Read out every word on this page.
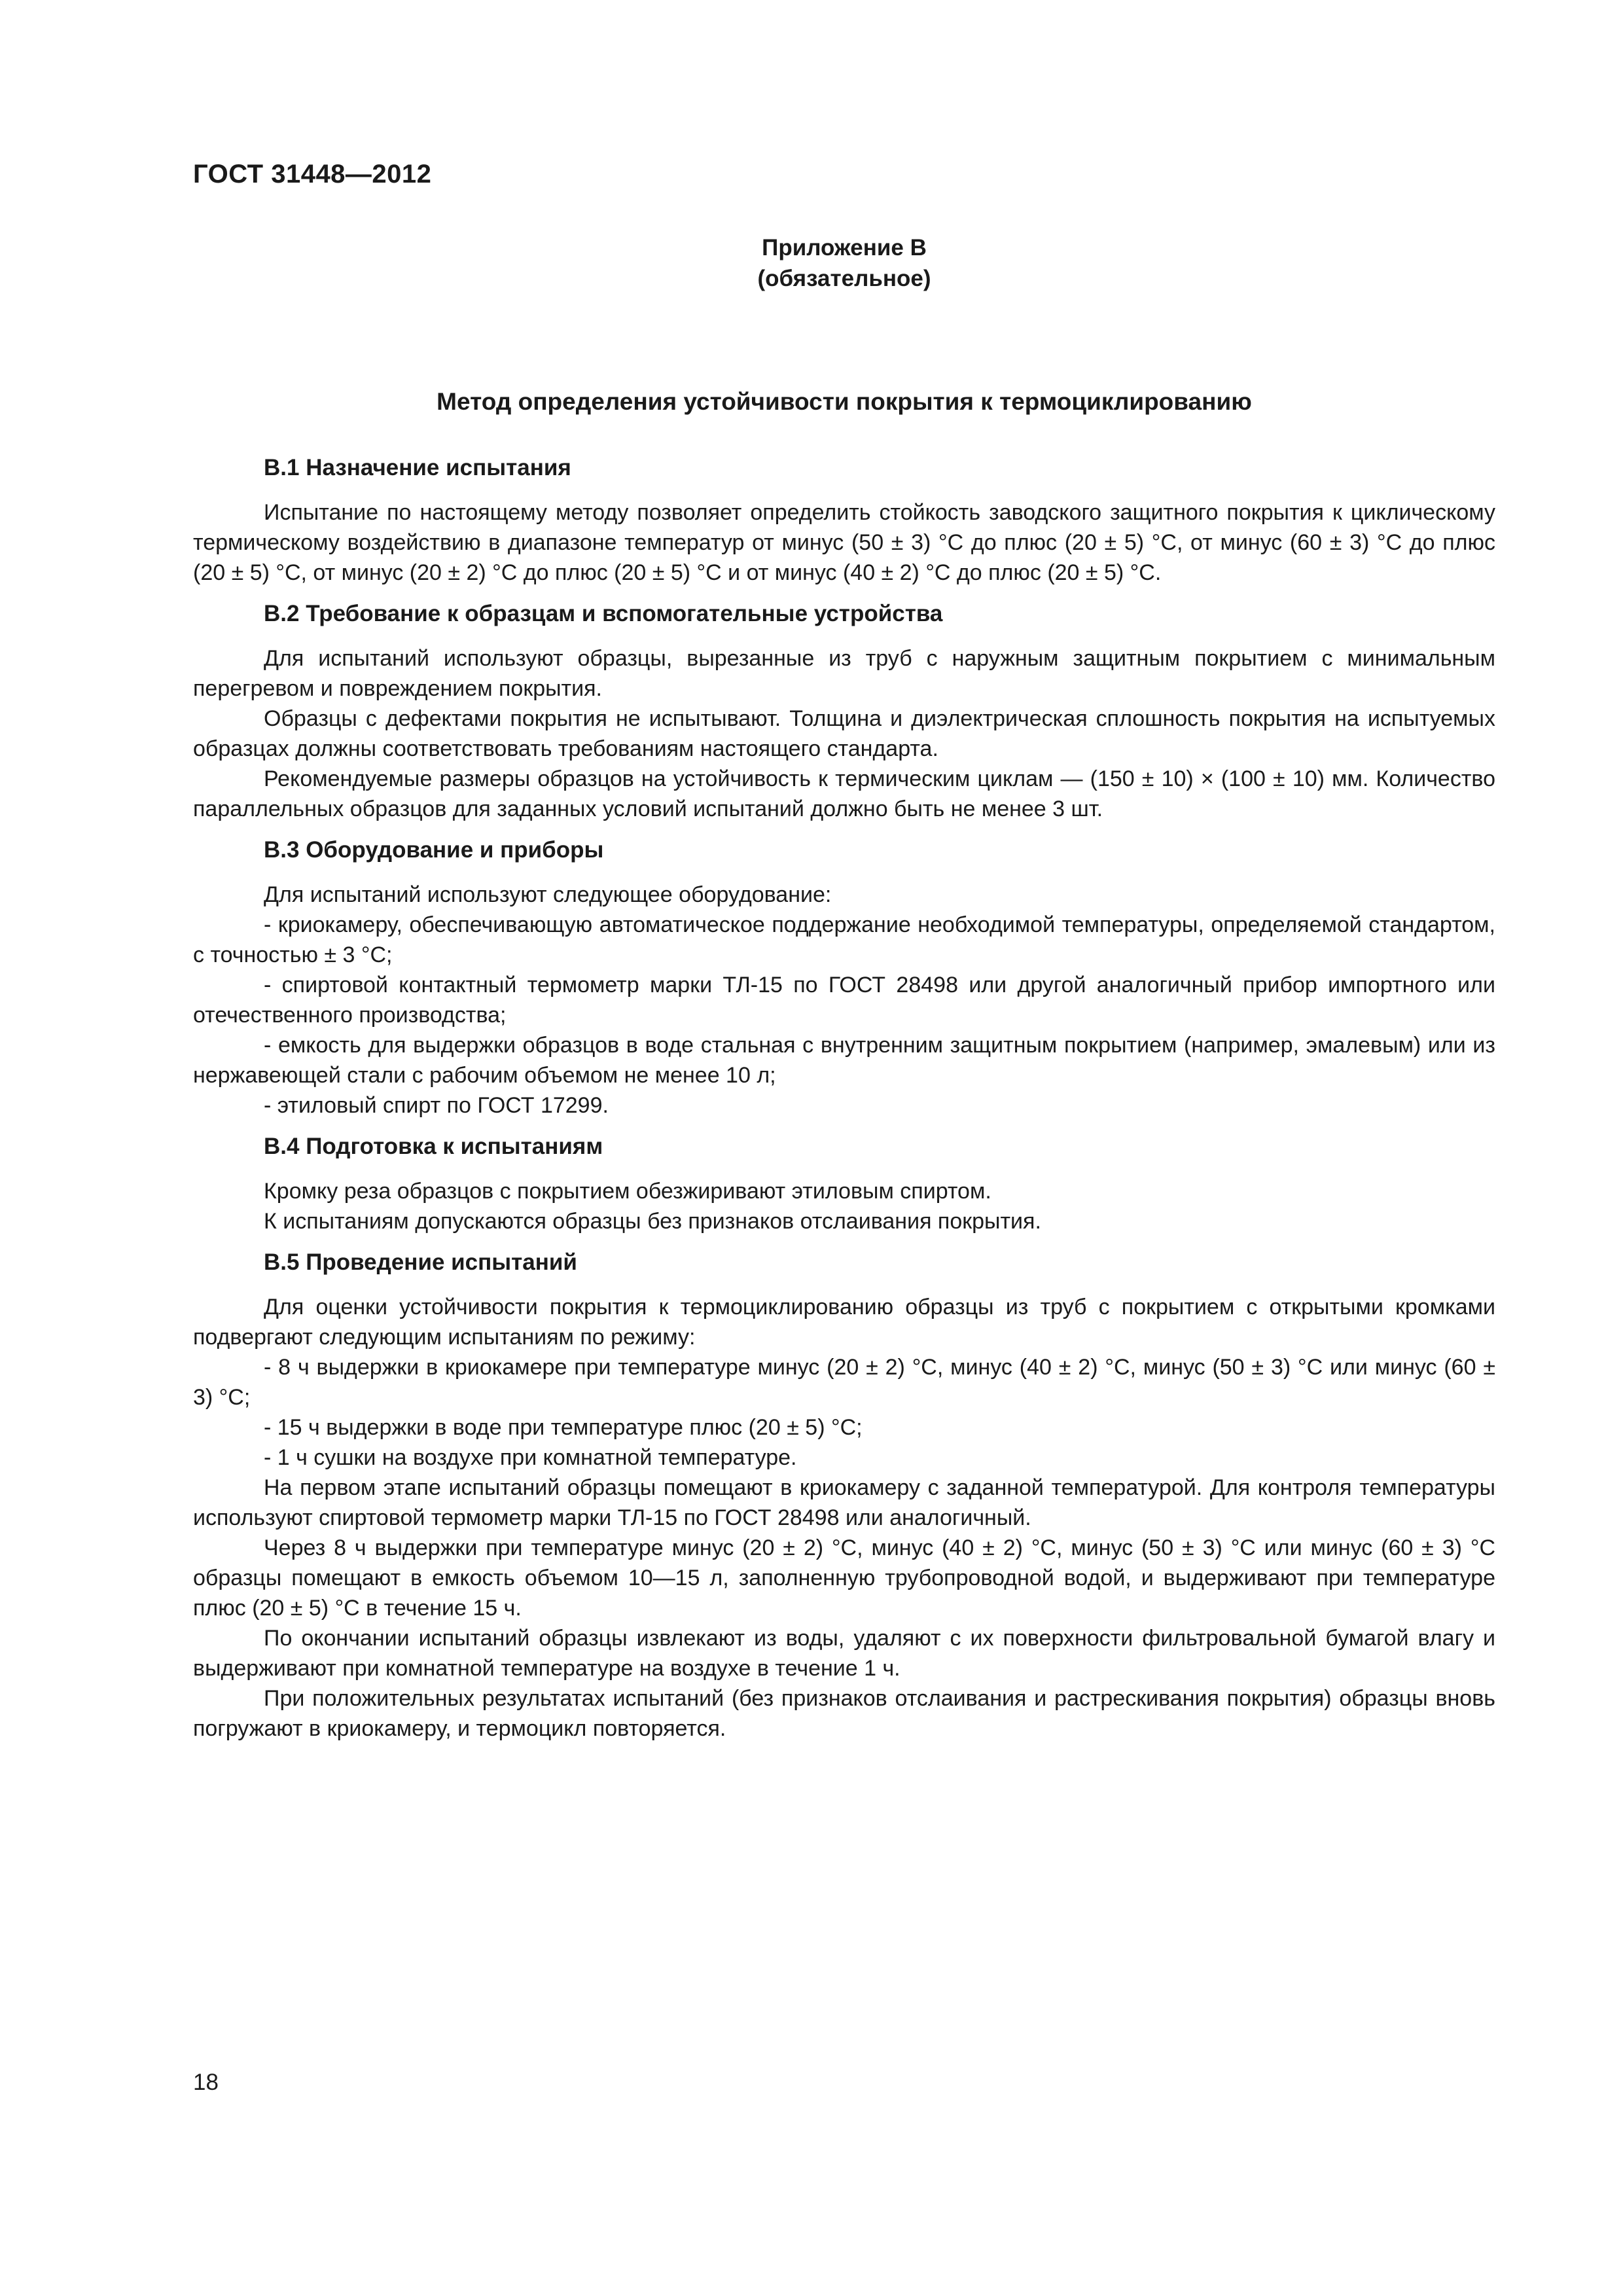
ГОСТ 31448—2012
Приложение В
(обязательное)
Метод определения устойчивости покрытия к термоциклированию
В.1 Назначение испытания

Испытание по настоящему методу позволяет определить стойкость заводского защитного покрытия к циклическому термическому воздействию в диапазоне температур от минус (50 ± 3) °С до плюс (20 ± 5) °С, от минус (60 ± 3) °С до плюс (20 ± 5) °С, от минус (20 ± 2) °С до плюс (20 ± 5) °С и от минус (40 ± 2) °С до плюс (20 ± 5) °С.

В.2 Требование к образцам и вспомогательные устройства

Для испытаний используют образцы, вырезанные из труб с наружным защитным покрытием с минимальным перегревом и повреждением покрытия.

Образцы с дефектами покрытия не испытывают. Толщина и диэлектрическая сплошность покрытия на испытуемых образцах должны соответствовать требованиям настоящего стандарта.

Рекомендуемые размеры образцов на устойчивость к термическим циклам — (150 ± 10) × (100 ± 10) мм. Количество параллельных образцов для заданных условий испытаний должно быть не менее 3 шт.

В.3 Оборудование и приборы

Для испытаний используют следующее оборудование:

- криокамеру, обеспечивающую автоматическое поддержание необходимой температуры, определяемой стандартом, с точностью ± 3 °С;

- спиртовой контактный термометр марки ТЛ-15 по ГОСТ 28498 или другой аналогичный прибор импортного или отечественного производства;

- емкость для выдержки образцов в воде стальная с внутренним защитным покрытием (например, эмалевым) или из нержавеющей стали с рабочим объемом не менее 10 л;

- этиловый спирт по ГОСТ 17299.

В.4 Подготовка к испытаниям

Кромку реза образцов с покрытием обезжиривают этиловым спиртом.

К испытаниям допускаются образцы без признаков отслаивания покрытия.

В.5 Проведение испытаний

Для оценки устойчивости покрытия к термоциклированию образцы из труб с покрытием с открытыми кромками подвергают следующим испытаниям по режиму:

- 8 ч выдержки в криокамере при температуре минус (20 ± 2) °С, минус (40 ± 2) °С, минус (50 ± 3) °С или минус (60 ± 3) °С;

- 15 ч выдержки в воде при температуре плюс (20 ± 5) °С;

- 1 ч сушки на воздухе при комнатной температуре.

На первом этапе испытаний образцы помещают в криокамеру с заданной температурой. Для контроля температуры используют спиртовой термометр марки ТЛ-15 по ГОСТ 28498 или аналогичный.

Через 8 ч выдержки при температуре минус (20 ± 2) °С, минус (40 ± 2) °С, минус (50 ± 3) °С или минус (60 ± 3) °С образцы помещают в емкость объемом 10—15 л, заполненную трубопроводной водой, и выдерживают при температуре плюс (20 ± 5) °С в течение 15 ч.

По окончании испытаний образцы извлекают из воды, удаляют с их поверхности фильтровальной бумагой влагу и выдерживают при комнатной температуре на воздухе в течение 1 ч.

При положительных результатах испытаний (без признаков отслаивания и растрескивания покрытия) образцы вновь погружают в криокамеру, и термоцикл повторяется.

18
